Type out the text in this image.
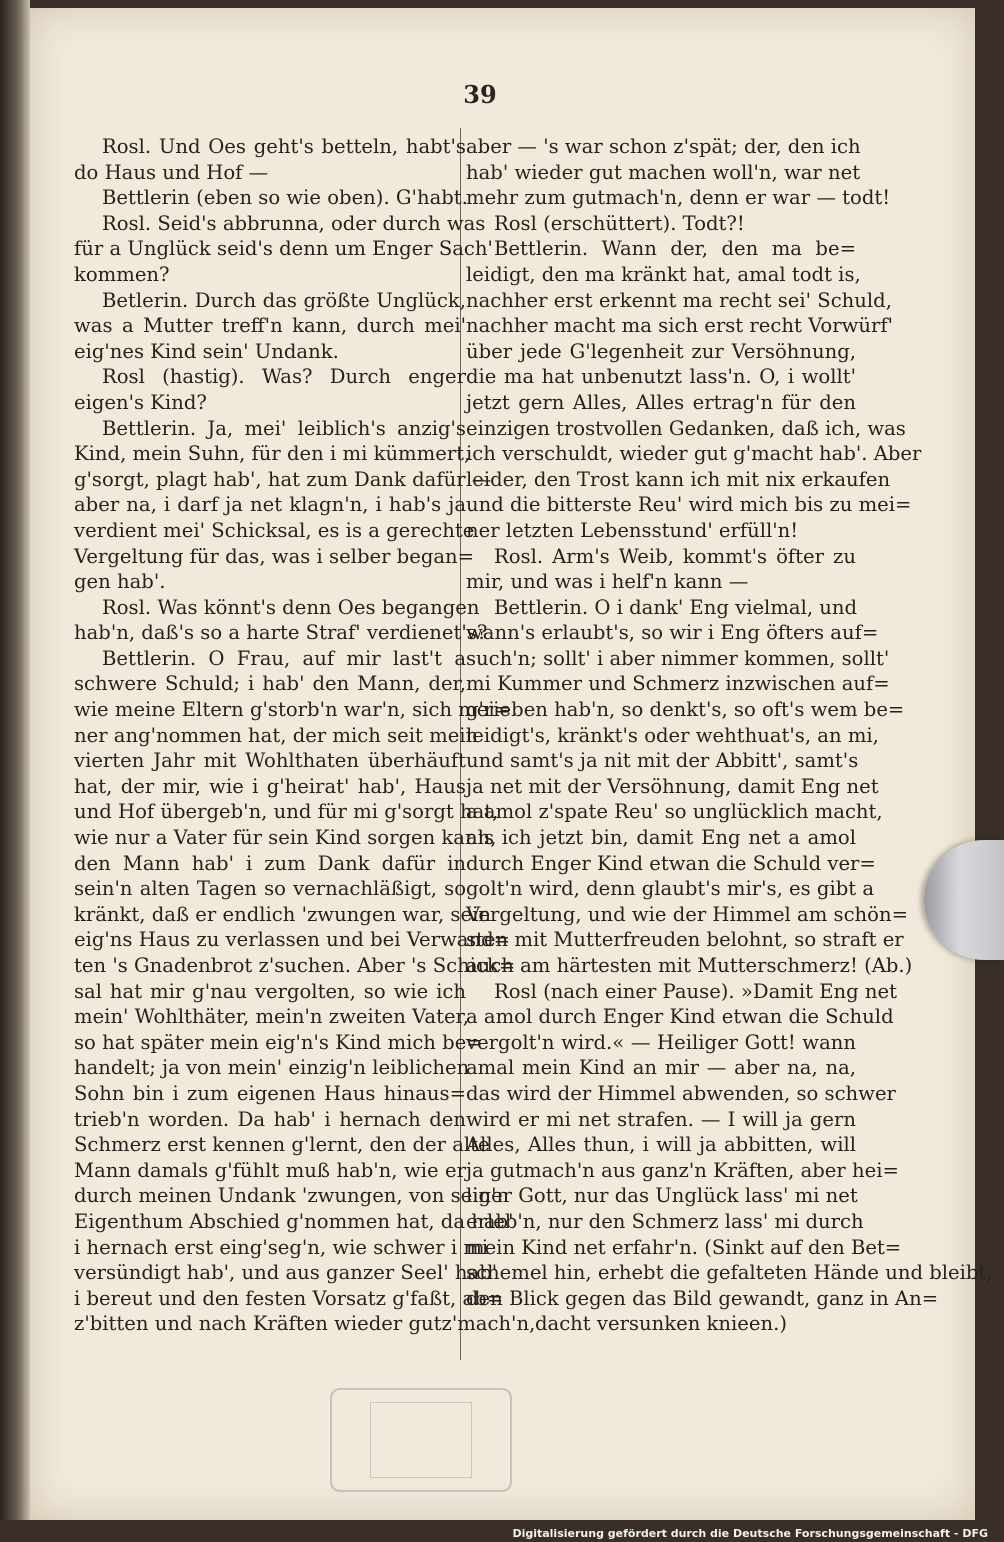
39
Rosl. Und Oes geht's betteln, habt's
do Haus und Hof —
Bettlerin (eben so wie oben). G'habt.
Rosl. Seid's abbrunna, oder durch was
für a Unglück seid's denn um Enger Sach'
kommen?
Betlerin. Durch das größte Unglück,
was a Mutter treff'n kann, durch mei'
eig'nes Kind sein' Undank.
Rosl (hastig). Was? Durch enger
eigen's Kind?
Bettlerin. Ja, mei' leiblich's anzig's
Kind, mein Suhn, für den i mi kümmert,
g'sorgt, plagt hab', hat zum Dank dafür —
aber na, i darf ja net klagn'n, i hab's ja
verdient mei' Schicksal, es is a gerechte
Vergeltung für das, was i selber began=
gen hab'.
Rosl. Was könnt's denn Oes begangen
hab'n, daß's so a harte Straf' verdienet's?
Bettlerin. O Frau, auf mir last't a
schwere Schuld; i hab' den Mann, der,
wie meine Eltern g'storb'n war'n, sich mei=
ner ang'nommen hat, der mich seit mein
vierten Jahr mit Wohlthaten überhäuft
hat, der mir, wie i g'heirat' hab', Haus
und Hof übergeb'n, und für mi g'sorgt hat,
wie nur a Vater für sein Kind sorgen kann,
den Mann hab' i zum Dank dafür in
sein'n alten Tagen so vernachläßigt, so
kränkt, daß er endlich 'zwungen war, sein
eig'ns Haus zu verlassen und bei Verwand=
ten 's Gnadenbrot z'suchen. Aber 's Schick=
sal hat mir g'nau vergolten, so wie ich
mein' Wohlthäter, mein'n zweiten Vater,
so hat später mein eig'n's Kind mich be=
handelt; ja von mein' einzig'n leiblichen
Sohn bin i zum eigenen Haus hinaus=
trieb'n worden. Da hab' i hernach den
Schmerz erst kennen g'lernt, den der alte
Mann damals g'fühlt muß hab'n, wie er
durch meinen Undank 'zwungen, von sein'n
Eigenthum Abschied g'nommen hat, da hab'
i hernach erst eing'seg'n, wie schwer i mi
versündigt hab', und aus ganzer Seel' hab'
i bereut und den festen Vorsatz g'faßt, ab=
z'bitten und nach Kräften wieder gutz'mach'n,
aber — 's war schon z'spät; der, den ich
hab' wieder gut machen woll'n, war net
mehr zum gutmach'n, denn er war — todt!
Rosl (erschüttert). Todt?!
Bettlerin. Wann der, den ma be=
leidigt, den ma kränkt hat, amal todt is,
nachher erst erkennt ma recht sei' Schuld,
nachher macht ma sich erst recht Vorwürf'
über jede G'legenheit zur Versöhnung,
die ma hat unbenutzt lass'n. O, i wollt'
jetzt gern Alles, Alles ertrag'n für den
einzigen trostvollen Gedanken, daß ich, was
ich verschuldt, wieder gut g'macht hab'. Aber
leider, den Trost kann ich mit nix erkaufen
und die bitterste Reu' wird mich bis zu mei=
ner letzten Lebensstund' erfüll'n!
Rosl. Arm's Weib, kommt's öfter zu
mir, und was i helf'n kann —
Bettlerin. O i dank' Eng vielmal, und
wann's erlaubt's, so wir i Eng öfters auf=
such'n; sollt' i aber nimmer kommen, sollt'
mi Kummer und Schmerz inzwischen auf=
g'rieben hab'n, so denkt's, so oft's wem be=
leidigt's, kränkt's oder wehthuat's, an mi,
und samt's ja nit mit der Abbitt', samt's
ja net mit der Versöhnung, damit Eng net
a amol z'spate Reu' so unglücklich macht,
als ich jetzt bin, damit Eng net a amol
durch Enger Kind etwan die Schuld ver=
golt'n wird, denn glaubt's mir's, es gibt a
Vergeltung, und wie der Himmel am schön=
sten mit Mutterfreuden belohnt, so straft er
auch am härtesten mit Mutterschmerz! (Ab.)
Rosl (nach einer Pause). »Damit Eng net
a amol durch Enger Kind etwan die Schuld
vergolt'n wird.« — Heiliger Gott! wann
amal mein Kind an mir — aber na, na,
das wird der Himmel abwenden, so schwer
wird er mi net strafen. — I will ja gern
Alles, Alles thun, i will ja abbitten, will
ja gutmach'n aus ganz'n Kräften, aber hei=
liger Gott, nur das Unglück lass' mi net
erleb'n, nur den Schmerz lass' mi durch
mein Kind net erfahr'n. (Sinkt auf den Bet=
schemel hin, erhebt die gefalteten Hände und bleibt,
den Blick gegen das Bild gewandt, ganz in An=
dacht versunken knieen.)
Digitalisierung gefördert durch die Deutsche Forschungsgemeinschaft - DFG
